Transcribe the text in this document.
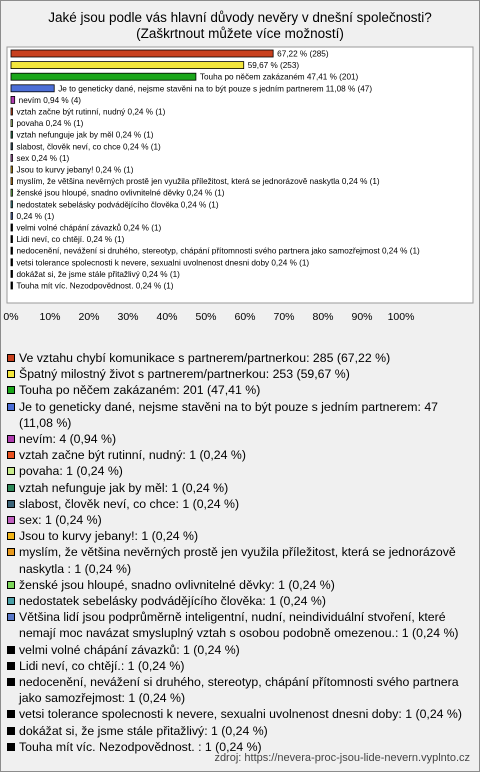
Jaké jsou podle vás hlavní důvody nevěry v dnešní společnosti?
(Zaškrtnout můžete více možností)
67,22 % (285)
59,67 % (253)
Touha po něčem zakázaném 47,41 % (201)
Je to geneticky dané, nejsme stavěni na to být pouze s jedním partnerem 11,08 % (47)
nevím 0,94 % (4)
vztah začne být rutinní, nudný 0,24 % (1)
povaha 0,24 % (1)
vztah nefunguje jak by měl 0,24 % (1)
slabost, člověk neví, co chce 0,24 % (1)
sex 0,24 % (1)
Jsou to kurvy jebany! 0,24 % (1)
myslím, že většina nevěrných prostě jen využila příležitost, která se jednorázově naskytla 0,24 % (1)
ženské jsou hloupé, snadno ovlivnitelné děvky 0,24 % (1)
nedostatek sebelásky podvádějícího člověka 0,24 % (1)
0,24 % (1)
velmi volné chápání závazků 0,24 % (1)
Lidi neví, co chtějí. 0,24 % (1)
nedocenění, nevážení si druhého, stereotyp, chápání přítomnosti svého partnera jako samozřejmost 0,24 % (1)
vetsi tolerance spolecnosti k nevere, sexualni uvolnenost dnesni doby 0,24 % (1)
dokážat si, že jsme stále přitažlivý 0,24 % (1)
Touha mít víc. Nezodpovědnost. 0,24 % (1)
0% 10% 20% 30% 40% 50% 60% 70% 80% 90% 100%
Ve vztahu chybí komunikace s partnerem/partnerkou: 285 (67,22 %)
Špatný milostný život s partnerem/partnerkou: 253 (59,67 %)
Touha po něčem zakázaném: 201 (47,41 %)
Je to geneticky dané, nejsme stavěni na to být pouze s jedním partnerem: 47 (11,08 %)
nevím: 4 (0,94 %)
vztah začne být rutinní, nudný: 1 (0,24 %)
povaha: 1 (0,24 %)
vztah nefunguje jak by měl: 1 (0,24 %)
slabost, člověk neví, co chce: 1 (0,24 %)
sex: 1 (0,24 %)
Jsou to kurvy jebany!: 1 (0,24 %)
myslím, že většina nevěrných prostě jen využila příležitost, která se jednorázově naskytla : 1 (0,24 %)
ženské jsou hloupé, snadno ovlivnitelné děvky: 1 (0,24 %)
nedostatek sebelásky podvádějícího člověka: 1 (0,24 %)
Většina lidí jsou podprůměrně inteligentní, nudní, neindividuální stvoření, které nemají moc navázat smysluplný vztah s osobou podobně omezenou.: 1 (0,24 %)
velmi volné chápání závazků: 1 (0,24 %)
Lidi neví, co chtějí.: 1 (0,24 %)
nedocenění, nevážení si druhého, stereotyp, chápání přítomnosti svého partnera jako samozřejmost: 1 (0,24 %)
vetsi tolerance spolecnosti k nevere, sexualni uvolnenost dnesni doby: 1 (0,24 %)
dokážat si, že jsme stále přitažlivý: 1 (0,24 %)
Touha mít víc. Nezodpovědnost. : 1 (0,24 %)
zdroj: https://nevera-proc-jsou-lide-nevern.vyplnto.cz
